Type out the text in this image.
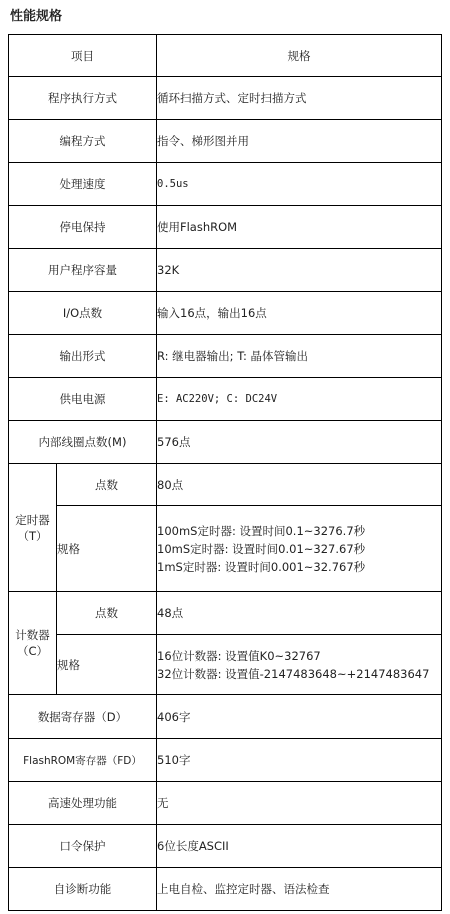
性能规格
项目		规格
程序执行方式		循环扫描方式、定时扫描方式
编程方式		指令、梯形图并用
处理速度		0.5us
停电保持		使用FlashROM
用户程序容量		32K
I/O点数		输入16点，输出16点
输出形式		R: 继电器输出; T: 晶体管输出
供电电源		E: AC220V; C: DC24V
内部线圈点数(M)		576点

定时器
（T）	点数	80点
	规格	100mS定时器: 设置时间0.1~3276.7秒
10mS定时器: 设置时间0.01~327.67秒
1mS定时器: 设置时间0.001~32.767秒

计数器
（C）	点数	48点
	规格	16位计数器: 设置值K0~32767
32位计数器: 设置值-2147483648~+2147483647

数据寄存器（D）		406字
FlashROM寄存器（FD）		510字
高速处理功能		无
口令保护		6位长度ASCII
自诊断功能		上电自检、监控定时器、语法检查
